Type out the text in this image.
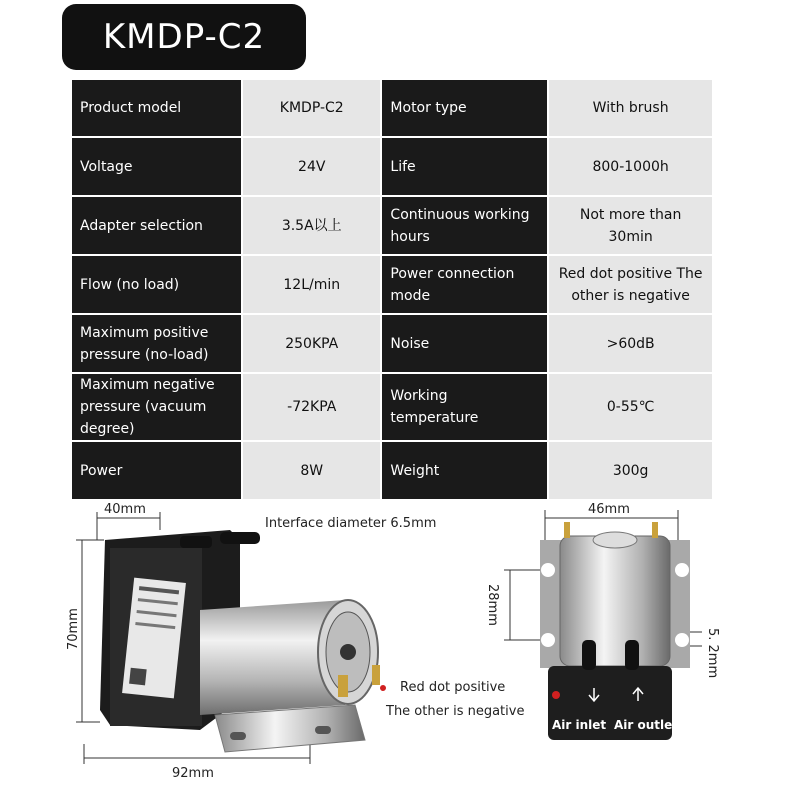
KMDP-C2
Product model	KMDP-C2	Motor type	With brush
Voltage	24V	Life	800-1000h
Adapter selection	3.5A以上	Continuous working hours	Not more than 30min
Flow (no load)	12L/min	Power connection mode	Red dot positive The other is negative
Maximum positive pressure (no-load)	250KPA	Noise	>60dB
Maximum negative pressure (vacuum degree)	-72KPA	Working temperature	0-55℃
Power	8W	Weight	300g
40mm
Interface diameter 6.5mm
70mm
92mm
Red dot positive
The other is negative
46mm
28mm
5. 2mm
Air inlet Air outlet
